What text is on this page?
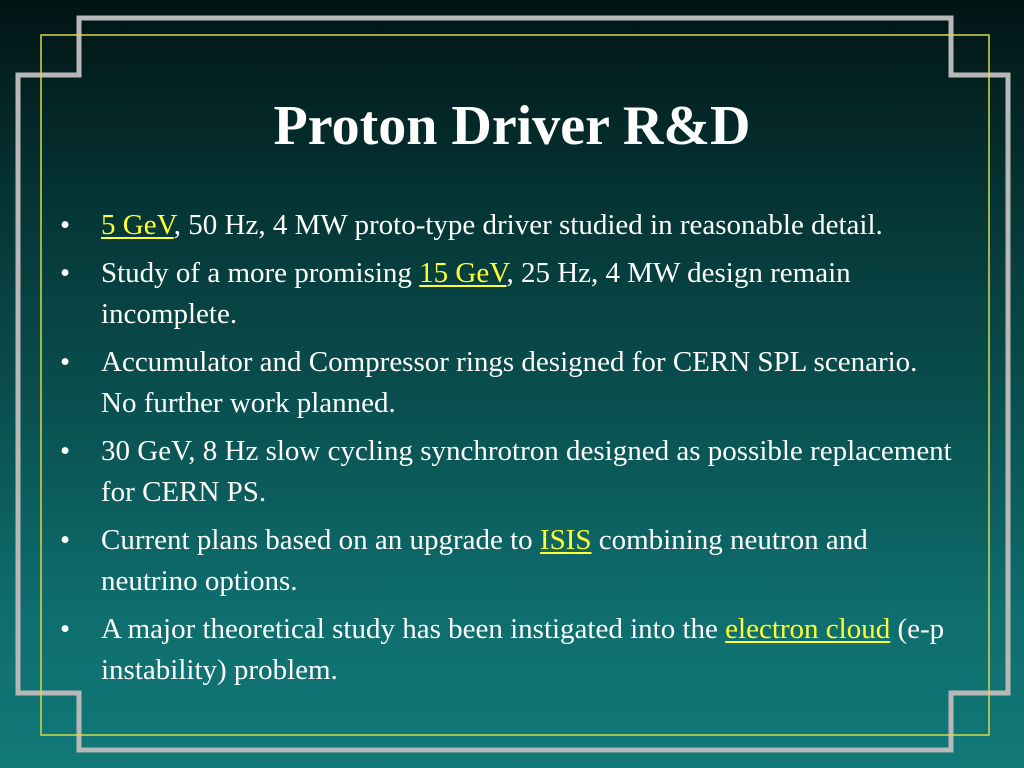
Proton Driver R&D
• 5 GeV, 50 Hz, 4 MW proto-type driver studied in reasonable detail.
• Study of a more promising 15 GeV, 25 Hz, 4 MW design remain incomplete.
• Accumulator and Compressor rings designed for CERN SPL scenario. No further work planned.
• 30 GeV, 8 Hz slow cycling synchrotron designed as possible replacement for CERN PS.
• Current plans based on an upgrade to ISIS combining neutron and neutrino options.
• A major theoretical study has been instigated into the electron cloud (e-p instability) problem.
